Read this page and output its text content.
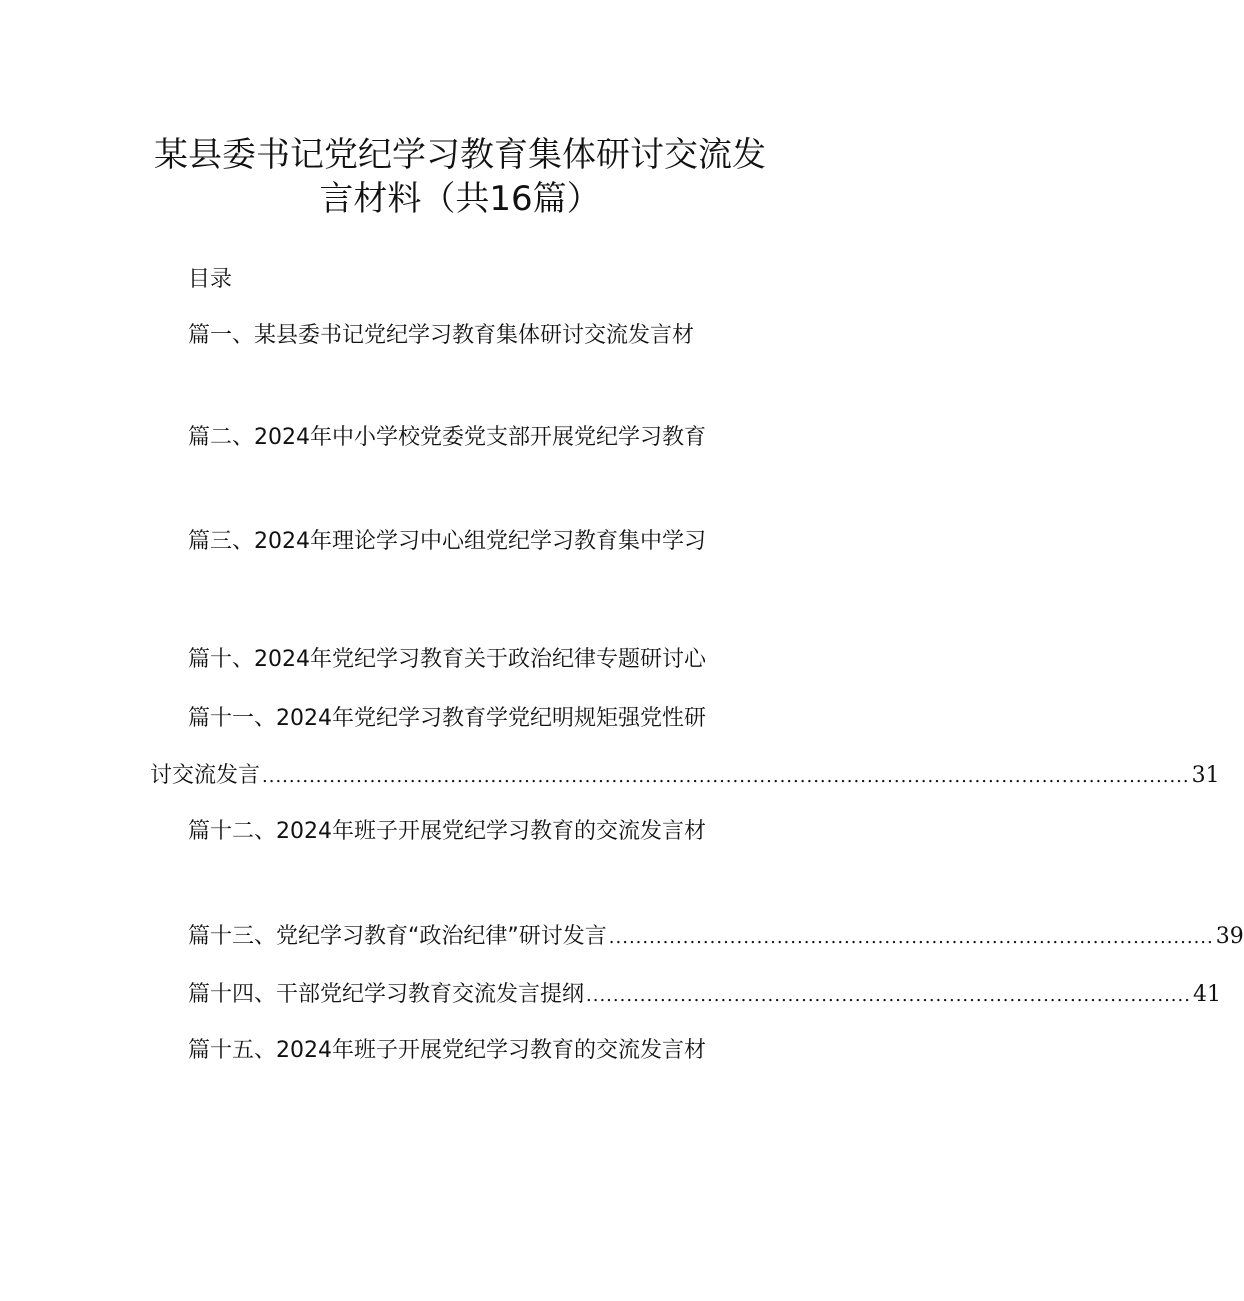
某县委书记党纪学习教育集体研讨交流发
言材料（共16篇）
目录
篇一、某县委书记党纪学习教育集体研讨交流发言材
篇二、2024年中小学校党委党支部开展党纪学习教育
篇三、2024年理论学习中心组党纪学习教育集中学习
篇十、2024年党纪学习教育关于政治纪律专题研讨心
篇十一、2024年党纪学习教育学党纪明规矩强党性研
讨交流发言 .......................................................................................................................................... 31
篇十二、2024年班子开展党纪学习教育的交流发言材
篇十三、党纪学习教育“政治纪律”研讨发言 .......................................................................................... 39
篇十四、干部党纪学习教育交流发言提纲 .......................................................................................... 41
篇十五、2024年班子开展党纪学习教育的交流发言材
